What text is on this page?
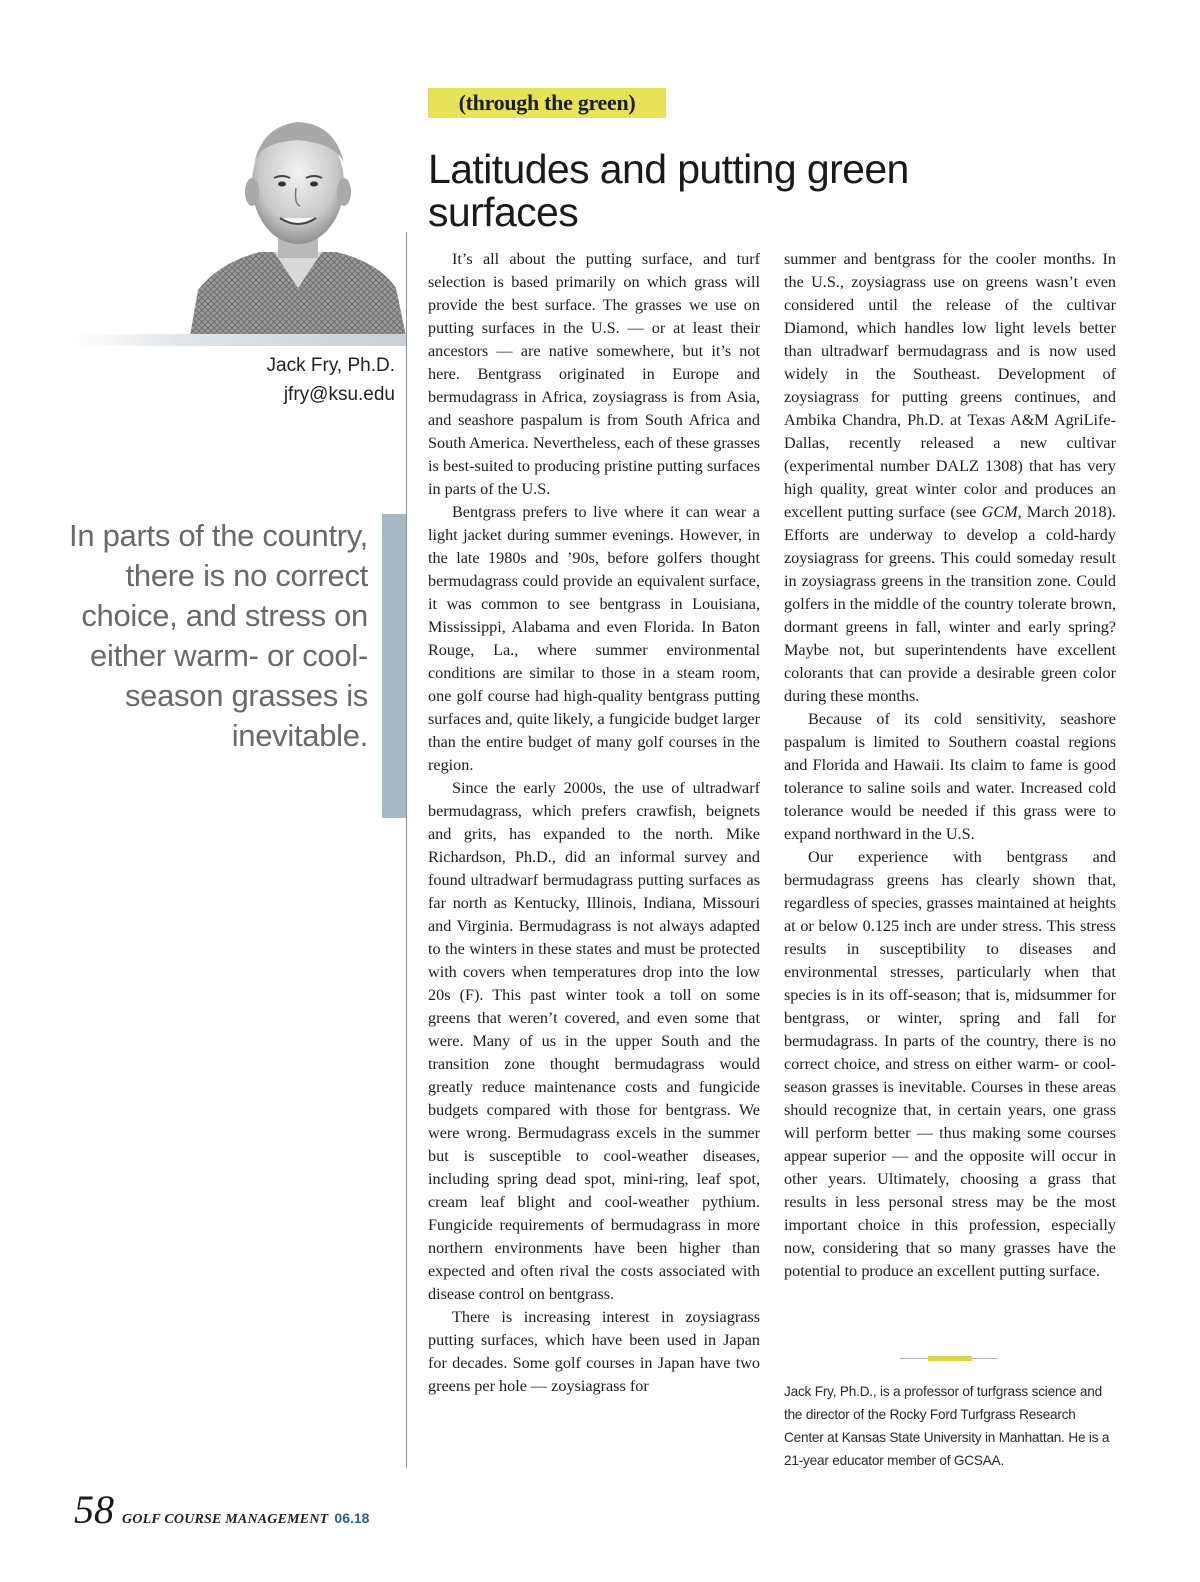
(through the green)
Latitudes and putting green surfaces
Jack Fry, Ph.D.
jfry@ksu.edu
In parts of the country, there is no correct choice, and stress on either warm- or cool-season grasses is inevitable.

It’s all about the putting surface, and turf selection is based primarily on which grass will provide the best surface. The grasses we use on putting surfaces in the U.S. — or at least their ancestors — are native somewhere, but it’s not here. Bentgrass originated in Europe and bermudagrass in Africa, zoysiagrass is from Asia, and seashore paspalum is from South Africa and South America. Nevertheless, each of these grasses is best-suited to producing pristine putting surfaces in parts of the U.S.

Bentgrass prefers to live where it can wear a light jacket during summer evenings. However, in the late 1980s and ’90s, before golfers thought bermudagrass could provide an equivalent surface, it was common to see bentgrass in Louisiana, Mississippi, Alabama and even Florida. In Baton Rouge, La., where summer environmental conditions are similar to those in a steam room, one golf course had high-quality bentgrass putting surfaces and, quite likely, a fungicide budget larger than the entire budget of many golf courses in the region.

Since the early 2000s, the use of ultradwarf bermudagrass, which prefers crawfish, beignets and grits, has expanded to the north. Mike Richardson, Ph.D., did an informal survey and found ultradwarf bermudagrass putting surfaces as far north as Kentucky, Illinois, Indiana, Missouri and Virginia. Bermudagrass is not always adapted to the winters in these states and must be protected with covers when temperatures drop into the low 20s (F). This past winter took a toll on some greens that weren’t covered, and even some that were. Many of us in the upper South and the transition zone thought bermudagrass would greatly reduce maintenance costs and fungicide budgets compared with those for bentgrass. We were wrong. Bermudagrass excels in the summer but is susceptible to cool-weather diseases, including spring dead spot, mini-ring, leaf spot, cream leaf blight and cool-weather pythium. Fungicide requirements of bermudagrass in more northern environments have been higher than expected and often rival the costs associated with disease control on bentgrass.

There is increasing interest in zoysiagrass putting surfaces, which have been used in Japan for decades. Some golf courses in Japan have two greens per hole — zoysiagrass for

summer and bentgrass for the cooler months. In the U.S., zoysiagrass use on greens wasn’t even considered until the release of the cultivar Diamond, which handles low light levels better than ultradwarf bermudagrass and is now used widely in the Southeast. Development of zoysiagrass for putting greens continues, and Ambika Chandra, Ph.D. at Texas A&M AgriLife-Dallas, recently released a new cultivar (experimental number DALZ 1308) that has very high quality, great winter color and produces an excellent putting surface (see GCM, March 2018). Efforts are underway to develop a cold-hardy zoysiagrass for greens. This could someday result in zoysiagrass greens in the transition zone. Could golfers in the middle of the country tolerate brown, dormant greens in fall, winter and early spring? Maybe not, but superintendents have excellent colorants that can provide a desirable green color during these months.

Because of its cold sensitivity, seashore paspalum is limited to Southern coastal regions and Florida and Hawaii. Its claim to fame is good tolerance to saline soils and water. Increased cold tolerance would be needed if this grass were to expand northward in the U.S.

Our experience with bentgrass and bermudagrass greens has clearly shown that, regardless of species, grasses maintained at heights at or below 0.125 inch are under stress. This stress results in susceptibility to diseases and environmental stresses, particularly when that species is in its off-season; that is, midsummer for bentgrass, or winter, spring and fall for bermudagrass. In parts of the country, there is no correct choice, and stress on either warm- or cool-season grasses is inevitable. Courses in these areas should recognize that, in certain years, one grass will perform better — thus making some courses appear superior — and the opposite will occur in other years. Ultimately, choosing a grass that results in less personal stress may be the most important choice in this profession, especially now, considering that so many grasses have the potential to produce an excellent putting surface.

Jack Fry, Ph.D., is a professor of turfgrass science and the director of the Rocky Ford Turfgrass Research Center at Kansas State University in Manhattan. He is a 21-year educator member of GCSAA.
58 GOLF COURSE MANAGEMENT 06.18
